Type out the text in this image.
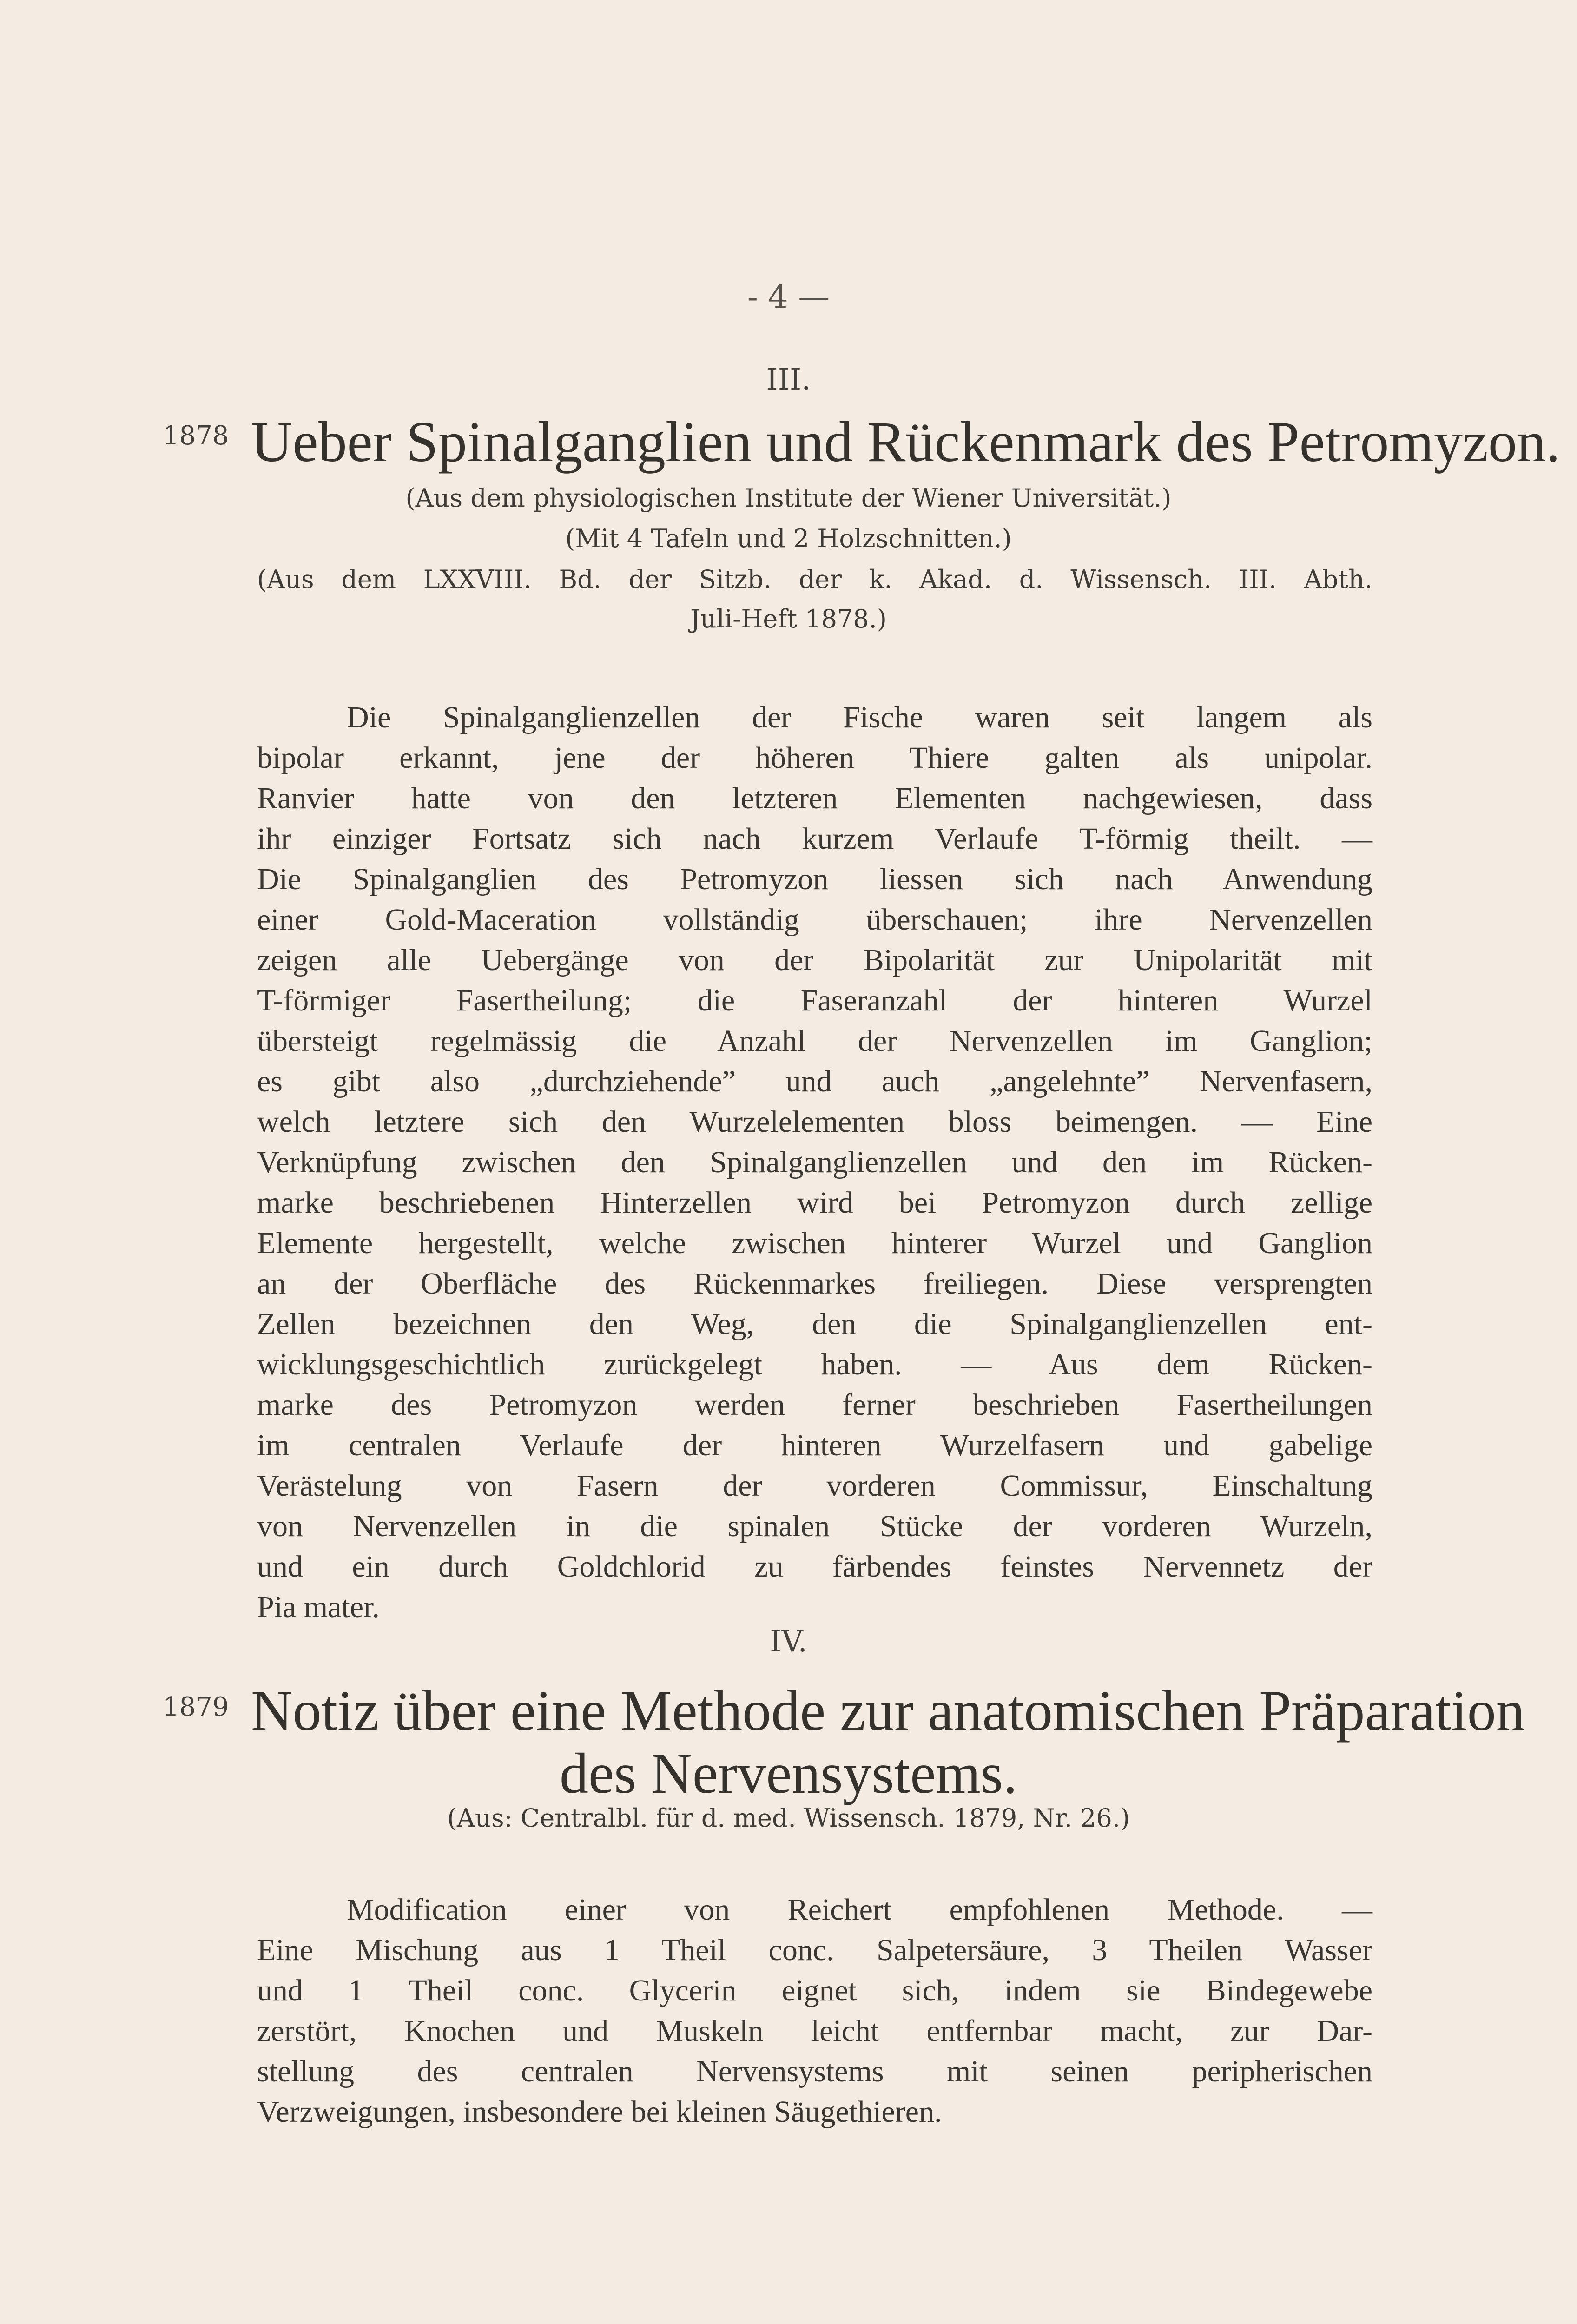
- 4 —

III.

1878 Ueber Spinalganglien und Rückenmark des Petromyzon.

(Aus dem physiologischen Institute der Wiener Universität.)

(Mit 4 Tafeln und 2 Holzschnitten.)

(Aus dem LXXVIII. Bd. der Sitzb. der k. Akad. d. Wissensch. III. Abth.

Juli-Heft 1878.)

Die Spinalganglienzellen der Fische waren seit langem als

bipolar erkannt, jene der höheren Thiere galten als unipolar.

Ranvier hatte von den letzteren Elementen nachgewiesen, dass

ihr einziger Fortsatz sich nach kurzem Verlaufe T-förmig theilt. —

Die Spinalganglien des Petromyzon liessen sich nach Anwendung

einer Gold-Maceration vollständig überschauen; ihre Nervenzellen

zeigen alle Uebergänge von der Bipolarität zur Unipolarität mit

T-förmiger Fasertheilung; die Faseranzahl der hinteren Wurzel

übersteigt regelmässig die Anzahl der Nervenzellen im Ganglion;

es gibt also „durchziehende” und auch „angelehnte” Nervenfasern,

welch letztere sich den Wurzelelementen bloss beimengen. — Eine

Verknüpfung zwischen den Spinalganglienzellen und den im Rücken-

marke beschriebenen Hinterzellen wird bei Petromyzon durch zellige

Elemente hergestellt, welche zwischen hinterer Wurzel und Ganglion

an der Oberfläche des Rückenmarkes freiliegen. Diese versprengten

Zellen bezeichnen den Weg, den die Spinalganglienzellen ent-

wicklungsgeschichtlich zurückgelegt haben. — Aus dem Rücken-

marke des Petromyzon werden ferner beschrieben Fasertheilungen

im centralen Verlaufe der hinteren Wurzelfasern und gabelige

Verästelung von Fasern der vorderen Commissur, Einschaltung

von Nervenzellen in die spinalen Stücke der vorderen Wurzeln,

und ein durch Goldchlorid zu färbendes feinstes Nervennetz der

Pia mater.

IV.

1879 Notiz über eine Methode zur anatomischen Präparation

des Nervensystems.

(Aus: Centralbl. für d. med. Wissensch. 1879, Nr. 26.)

Modification einer von Reichert empfohlenen Methode. —

Eine Mischung aus 1 Theil conc. Salpetersäure, 3 Theilen Wasser

und 1 Theil conc. Glycerin eignet sich, indem sie Bindegewebe

zerstört, Knochen und Muskeln leicht entfernbar macht, zur Dar-

stellung des centralen Nervensystems mit seinen peripherischen

Verzweigungen, insbesondere bei kleinen Säugethieren.
